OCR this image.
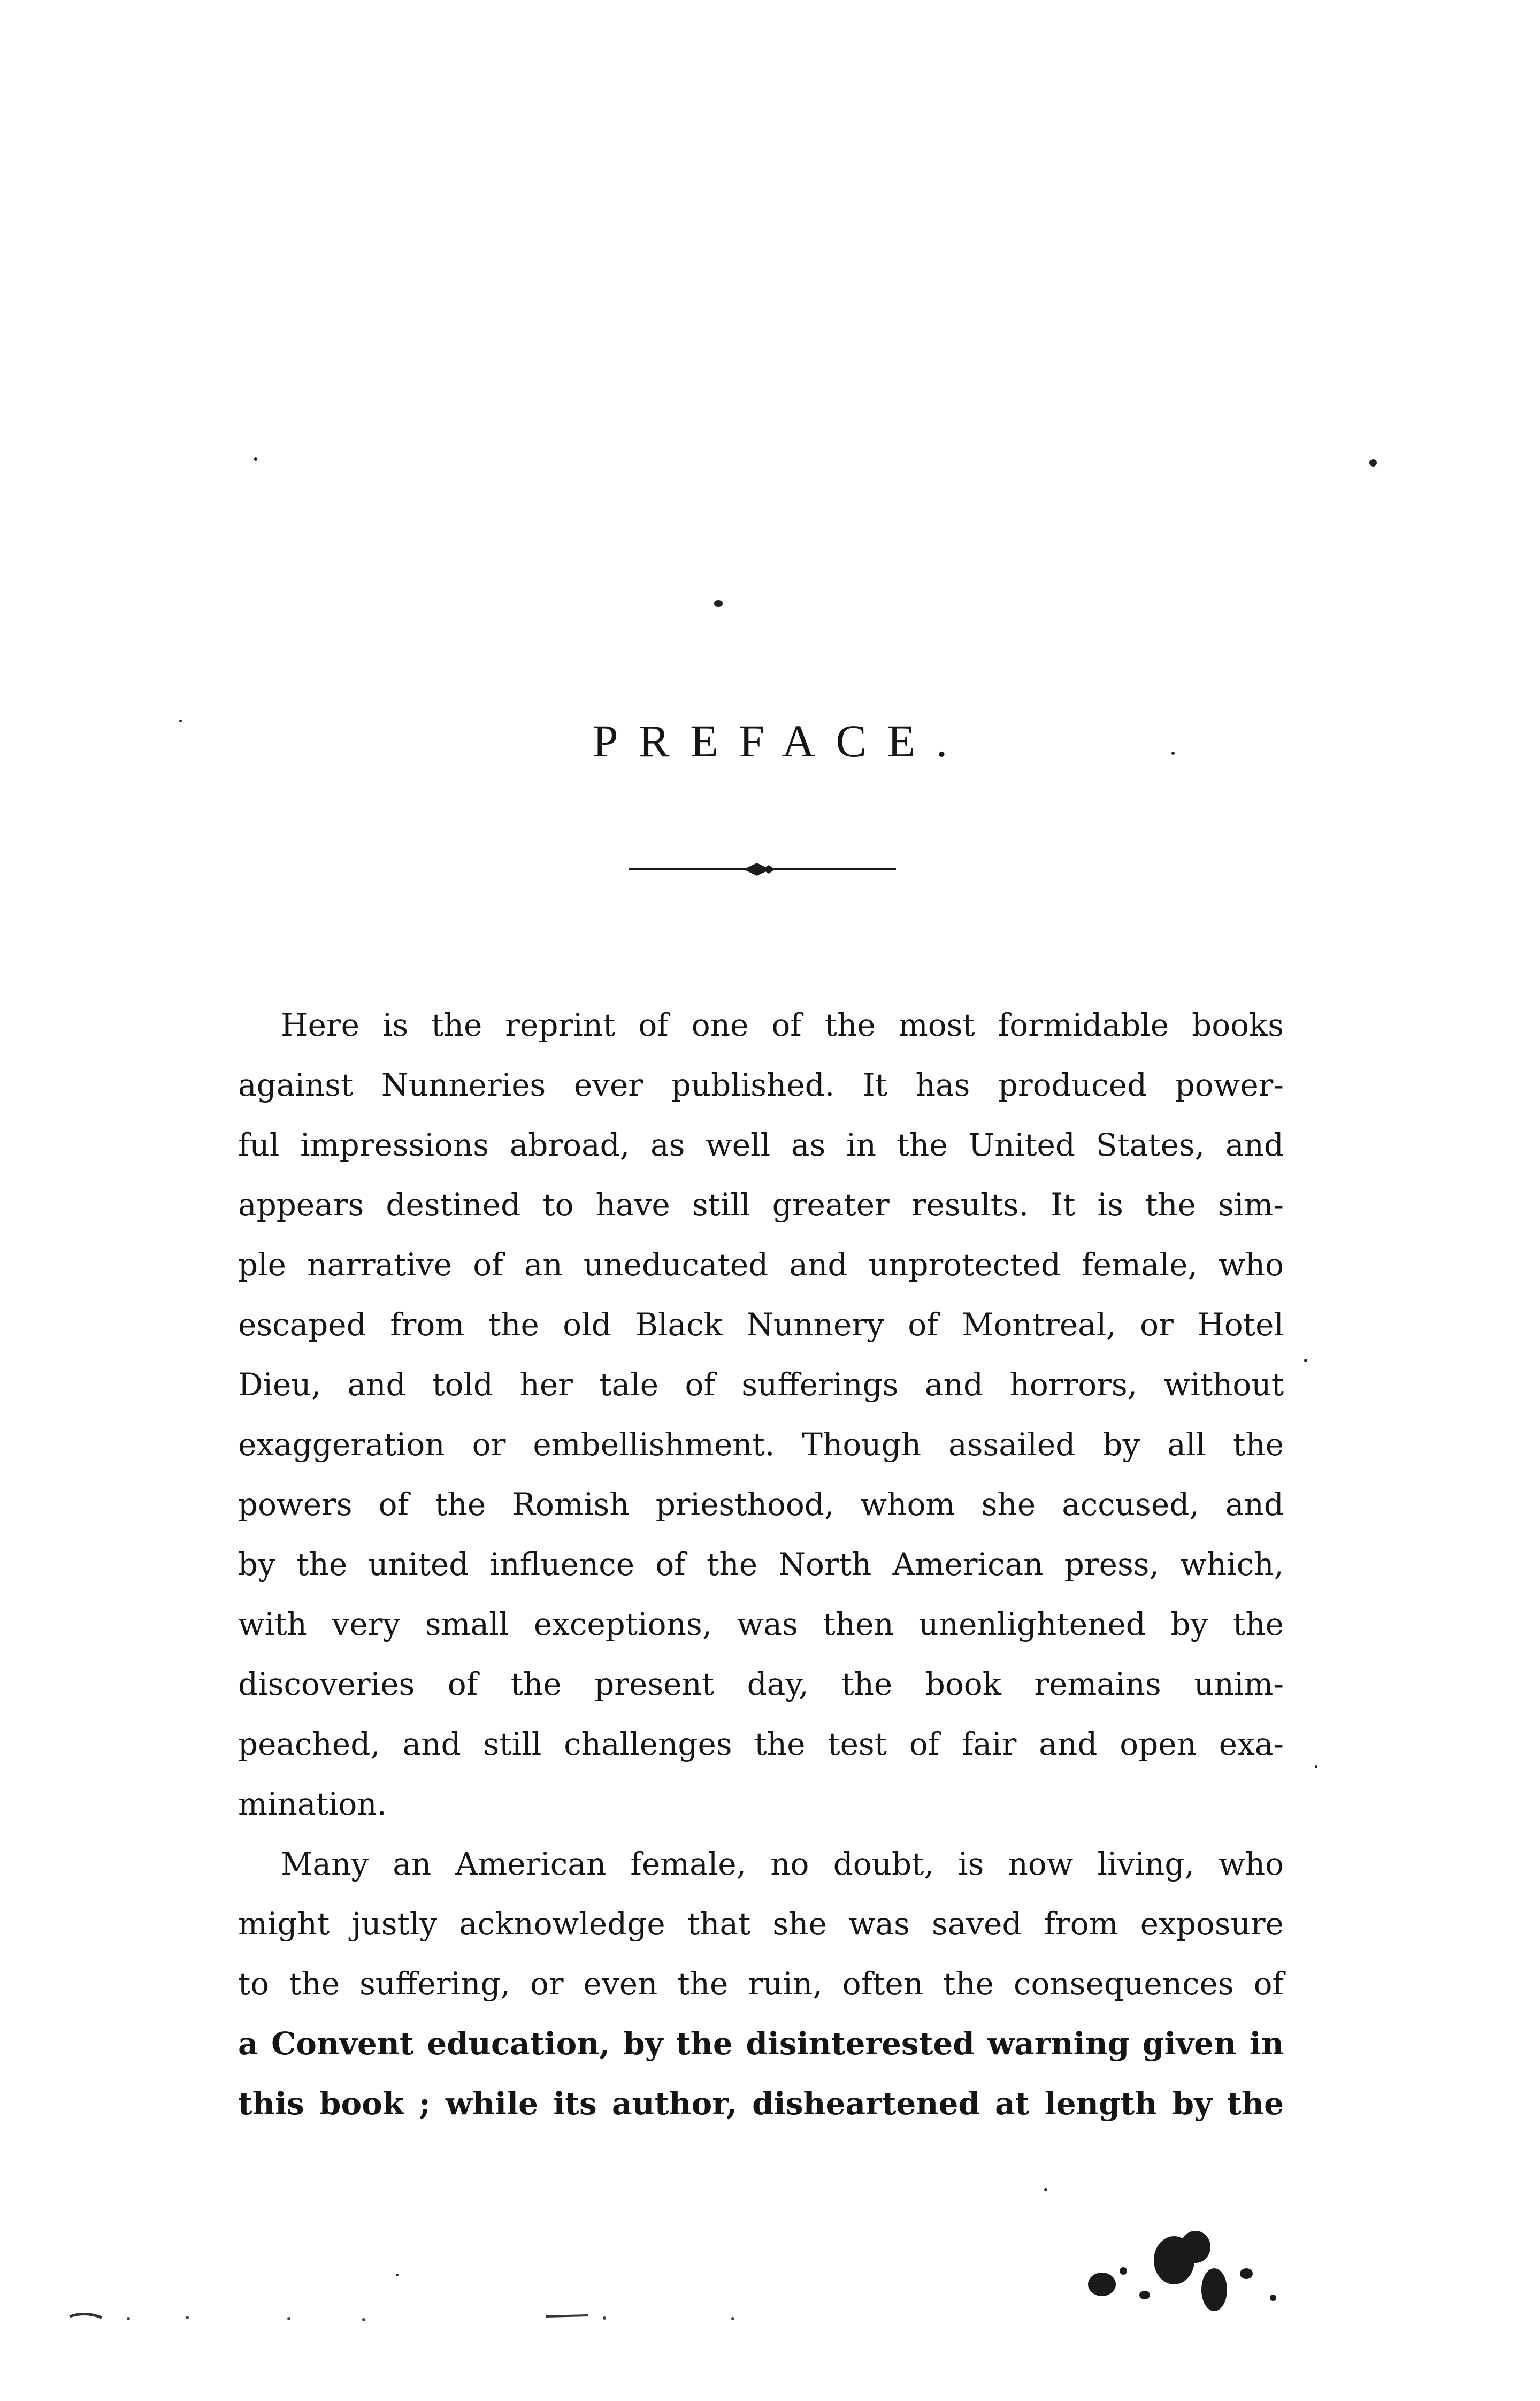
PREFACE.
Here is the reprint of one of the most formidable books
against Nunneries ever published. It has produced power-
ful impressions abroad, as well as in the United States, and
appears destined to have still greater results. It is the sim-
ple narrative of an uneducated and unprotected female, who
escaped from the old Black Nunnery of Montreal, or Hotel
Dieu, and told her tale of sufferings and horrors, without
exaggeration or embellishment. Though assailed by all the
powers of the Romish priesthood, whom she accused, and
by the united influence of the North American press, which,
with very small exceptions, was then unenlightened by the
discoveries of the present day, the book remains unim-
peached, and still challenges the test of fair and open exa-
mination.
Many an American female, no doubt, is now living, who
might justly acknowledge that she was saved from exposure
to the suffering, or even the ruin, often the consequences of
a Convent education, by the disinterested warning given in
this book ; while its author, disheartened at length by the
